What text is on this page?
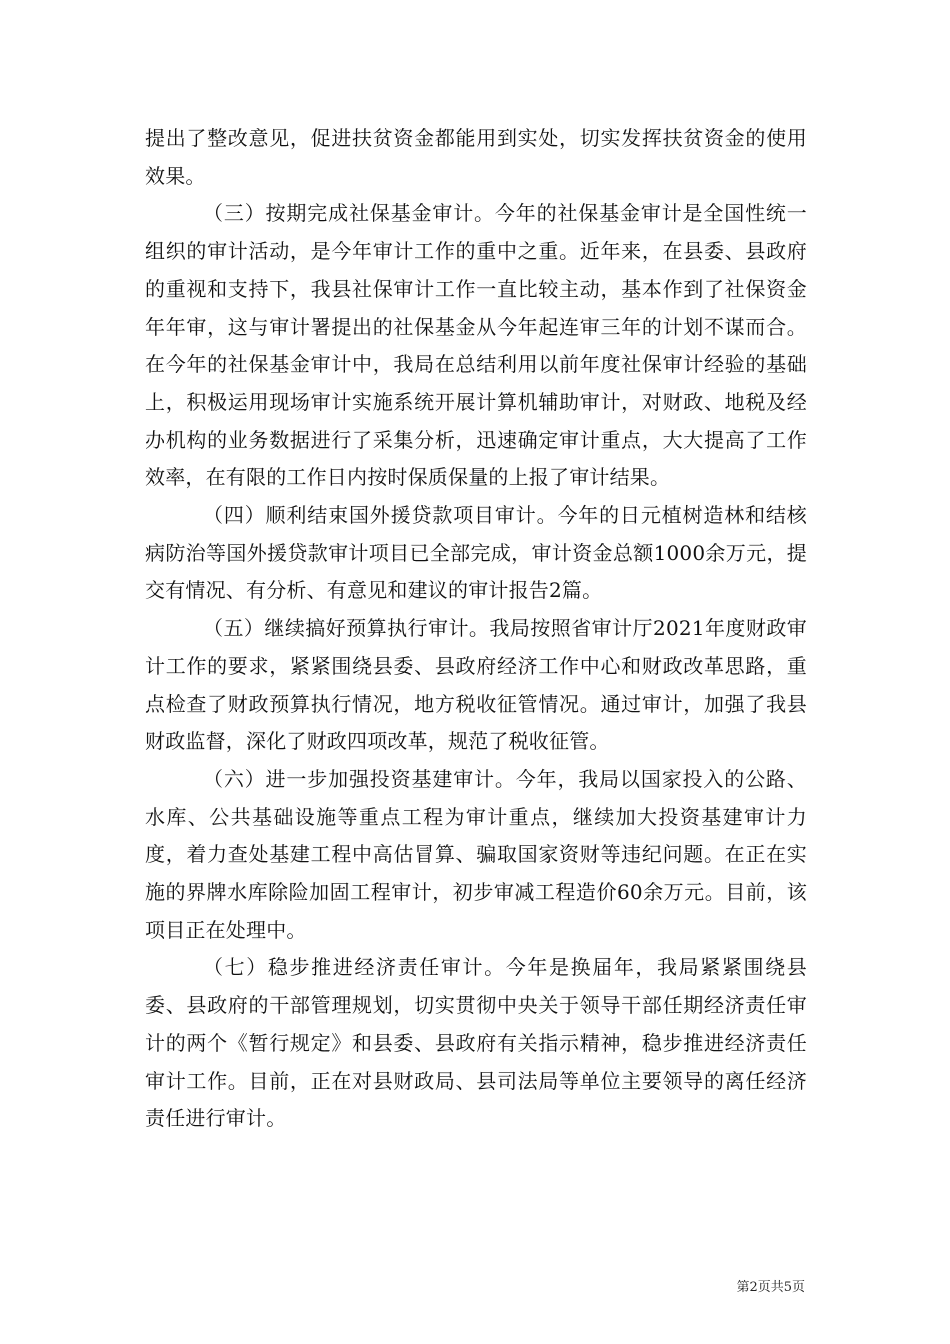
提出了整改意见，促进扶贫资金都能用到实处，切实发挥扶贫资金的使用效果。

（三）按期完成社保基金审计。今年的社保基金审计是全国性统一组织的审计活动，是今年审计工作的重中之重。近年来，在县委、县政府的重视和支持下，我县社保审计工作一直比较主动，基本作到了社保资金年年审，这与审计署提出的社保基金从今年起连审三年的计划不谋而合。在今年的社保基金审计中，我局在总结利用以前年度社保审计经验的基础上，积极运用现场审计实施系统开展计算机辅助审计，对财政、地税及经办机构的业务数据进行了采集分析，迅速确定审计重点，大大提高了工作效率，在有限的工作日内按时保质保量的上报了审计结果。

（四）顺利结束国外援贷款项目审计。今年的日元植树造林和结核病防治等国外援贷款审计项目已全部完成，审计资金总额1000余万元，提交有情况、有分析、有意见和建议的审计报告2篇。

（五）继续搞好预算执行审计。我局按照省审计厅2021年度财政审计工作的要求，紧紧围绕县委、县政府经济工作中心和财政改革思路，重点检查了财政预算执行情况，地方税收征管情况。通过审计，加强了我县财政监督，深化了财政四项改革，规范了税收征管。

（六）进一步加强投资基建审计。今年，我局以国家投入的公路、水库、公共基础设施等重点工程为审计重点，继续加大投资基建审计力度，着力查处基建工程中高估冒算、骗取国家资财等违纪问题。在正在实施的界牌水库除险加固工程审计，初步审减工程造价60余万元。目前，该项目正在处理中。

（七）稳步推进经济责任审计。今年是换届年，我局紧紧围绕县委、县政府的干部管理规划，切实贯彻中央关于领导干部任期经济责任审计的两个《暂行规定》和县委、县政府有关指示精神，稳步推进经济责任审计工作。目前，正在对县财政局、县司法局等单位主要领导的离任经济责任进行审计。

第2页共5页
